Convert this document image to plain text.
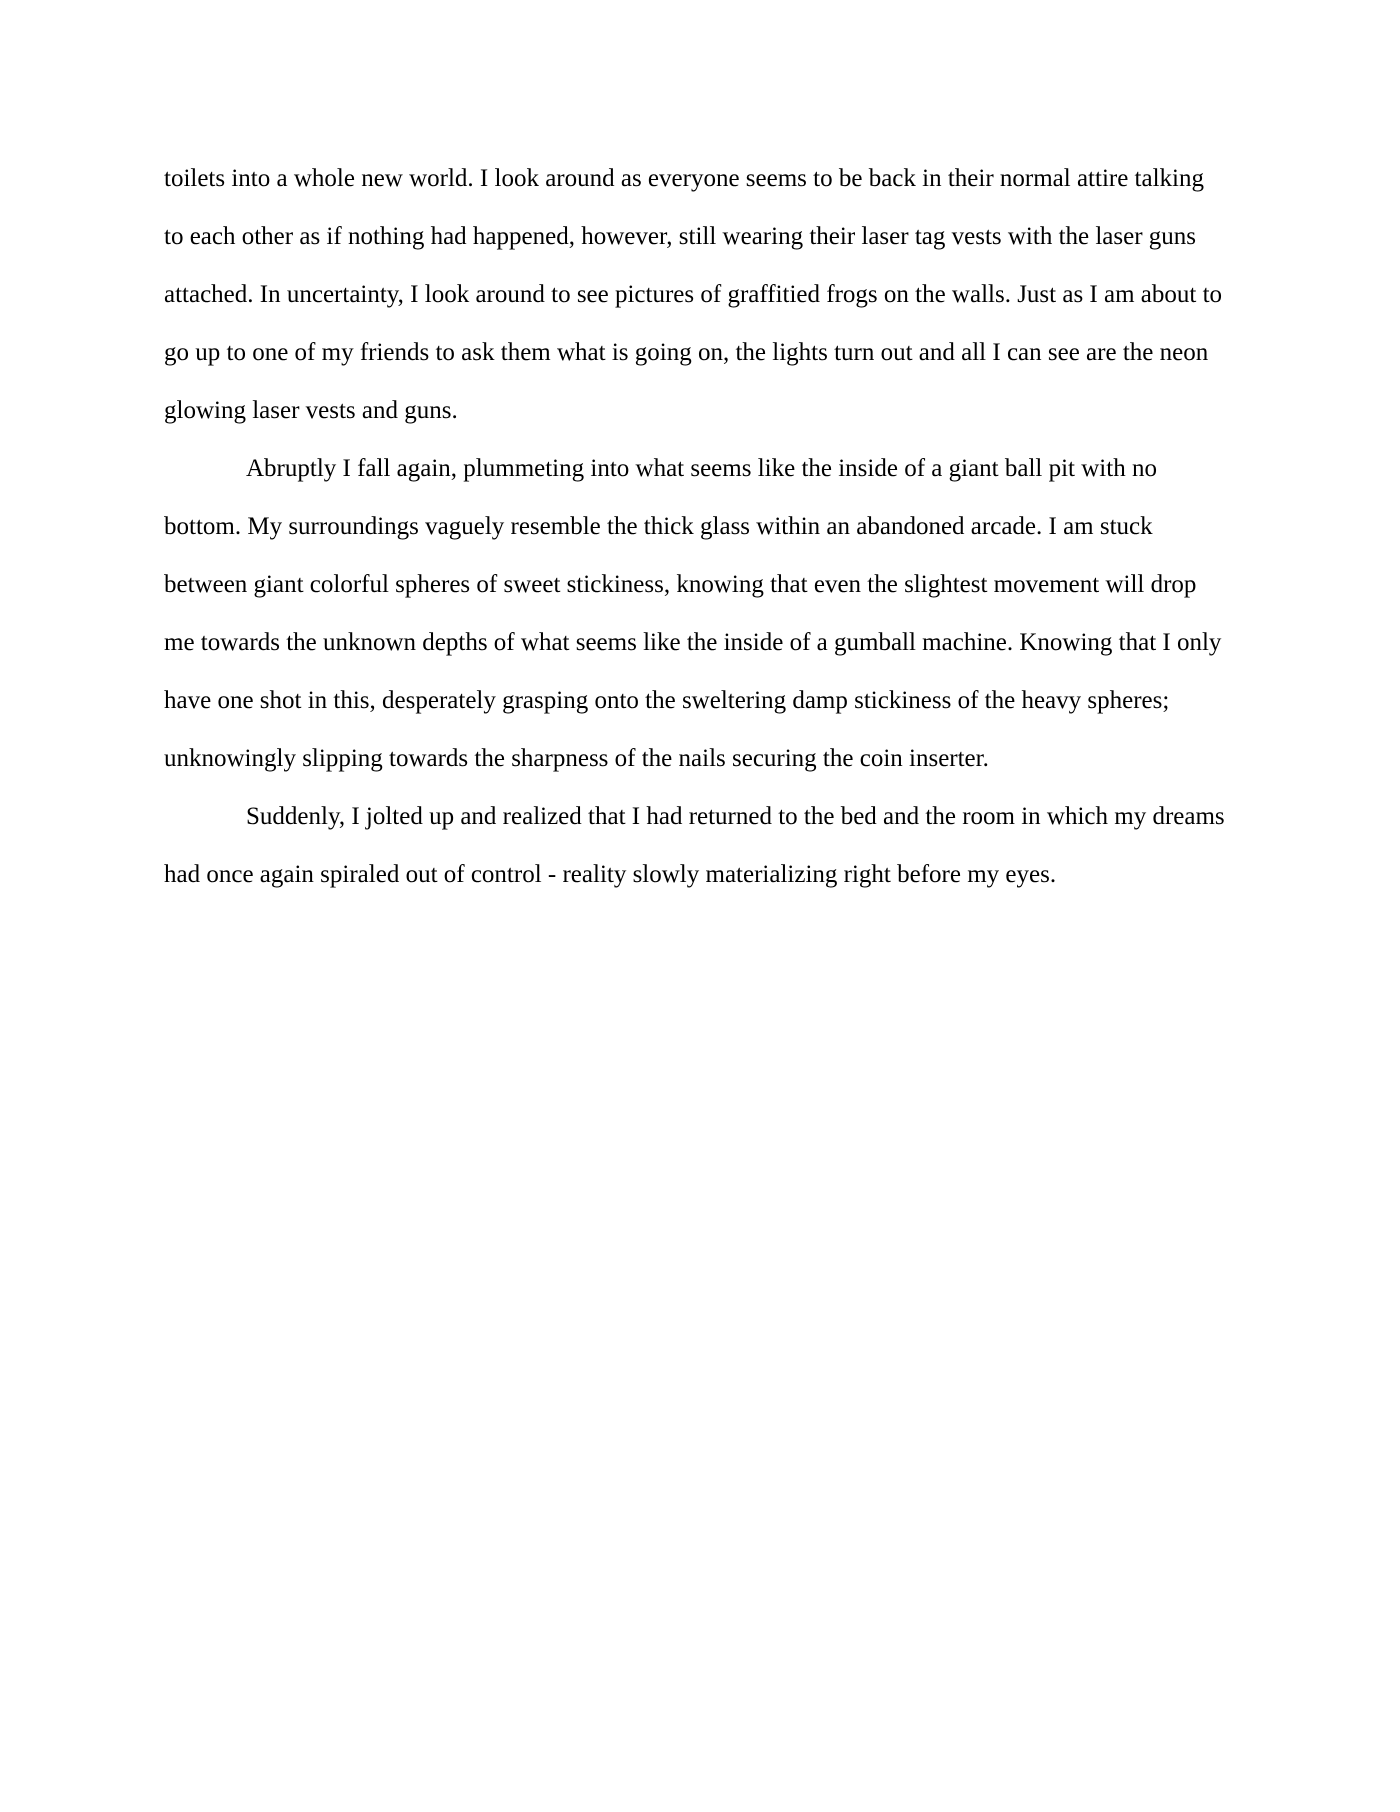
toilets into a whole new world. I look around as everyone seems to be back in their normal attire talking
to each other as if nothing had happened, however, still wearing their laser tag vests with the laser guns
attached. In uncertainty, I look around to see pictures of graffitied frogs on the walls. Just as I am about to
go up to one of my friends to ask them what is going on, the lights turn out and all I can see are the neon
glowing laser vests and guns.
Abruptly I fall again, plummeting into what seems like the inside of a giant ball pit with no
bottom. My surroundings vaguely resemble the thick glass within an abandoned arcade. I am stuck
between giant colorful spheres of sweet stickiness, knowing that even the slightest movement will drop
me towards the unknown depths of what seems like the inside of a gumball machine. Knowing that I only
have one shot in this, desperately grasping onto the sweltering damp stickiness of the heavy spheres;
unknowingly slipping towards the sharpness of the nails securing the coin inserter.
Suddenly, I jolted up and realized that I had returned to the bed and the room in which my dreams
had once again spiraled out of control - reality slowly materializing right before my eyes.
